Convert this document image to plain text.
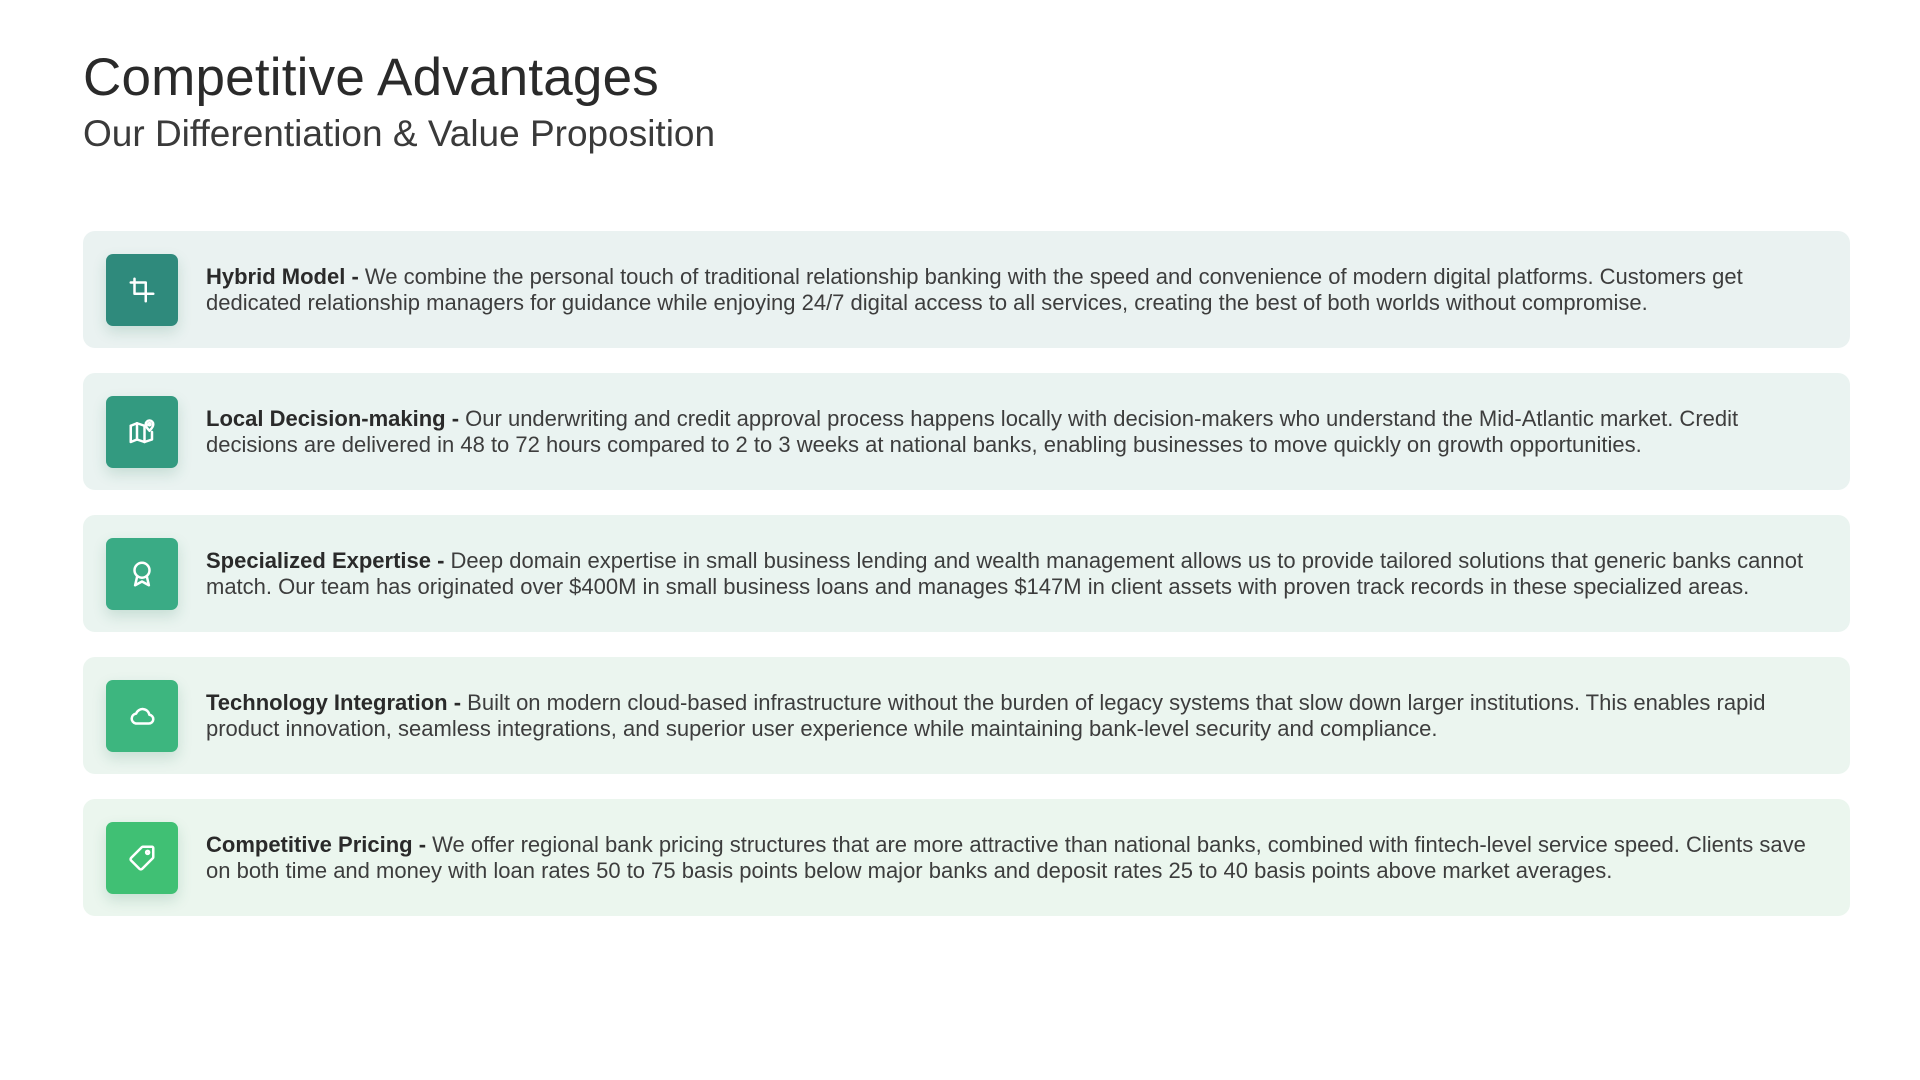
Competitive Advantages
Our Differentiation & Value Proposition
Hybrid Model - We combine the personal touch of traditional relationship banking with the speed and convenience of modern digital platforms. Customers get dedicated relationship managers for guidance while enjoying 24/7 digital access to all services, creating the best of both worlds without compromise.
Local Decision-making - Our underwriting and credit approval process happens locally with decision-makers who understand the Mid-Atlantic market. Credit decisions are delivered in 48 to 72 hours compared to 2 to 3 weeks at national banks, enabling businesses to move quickly on growth opportunities.
Specialized Expertise - Deep domain expertise in small business lending and wealth management allows us to provide tailored solutions that generic banks cannot match. Our team has originated over $400M in small business loans and manages $147M in client assets with proven track records in these specialized areas.
Technology Integration - Built on modern cloud-based infrastructure without the burden of legacy systems that slow down larger institutions. This enables rapid product innovation, seamless integrations, and superior user experience while maintaining bank-level security and compliance.
Competitive Pricing - We offer regional bank pricing structures that are more attractive than national banks, combined with fintech-level service speed. Clients save on both time and money with loan rates 50 to 75 basis points below major banks and deposit rates 25 to 40 basis points above market averages.
